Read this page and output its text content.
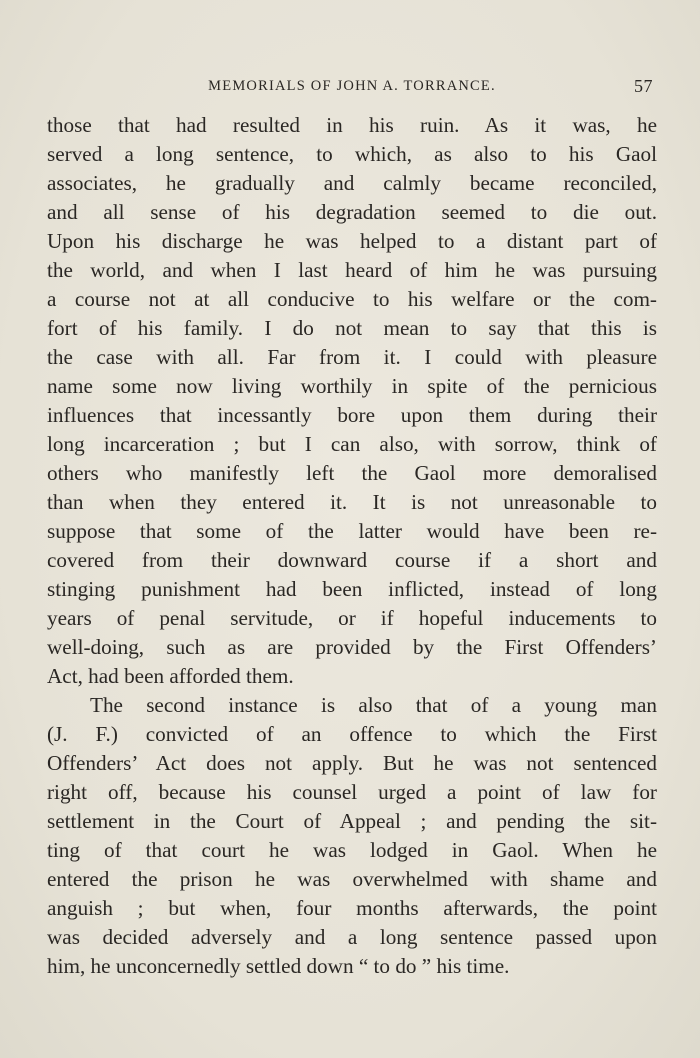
MEMORIALS OF JOHN A. TORRANCE.	57
those that had resulted in his ruin. As it was, he
served a long sentence, to which, as also to his Gaol
associates, he gradually and calmly became reconciled,
and all sense of his degradation seemed to die out.
Upon his discharge he was helped to a distant part of
the world, and when I last heard of him he was pursuing
a course not at all conducive to his welfare or the com-
fort of his family. I do not mean to say that this is
the case with all. Far from it. I could with pleasure
name some now living worthily in spite of the pernicious
influences that incessantly bore upon them during their
long incarceration ; but I can also, with sorrow, think of
others who manifestly left the Gaol more demoralised
than when they entered it. It is not unreasonable to
suppose that some of the latter would have been re-
covered from their downward course if a short and
stinging punishment had been inflicted, instead of long
years of penal servitude, or if hopeful inducements to
well-doing, such as are provided by the First Offenders’
Act, had been afforded them.
The second instance is also that of a young man
(J. F.) convicted of an offence to which the First
Offenders’ Act does not apply. But he was not sentenced
right off, because his counsel urged a point of law for
settlement in the Court of Appeal ; and pending the sit-
ting of that court he was lodged in Gaol. When he
entered the prison he was overwhelmed with shame and
anguish ; but when, four months afterwards, the point
was decided adversely and a long sentence passed upon
him, he unconcernedly settled down “ to do ” his time.
